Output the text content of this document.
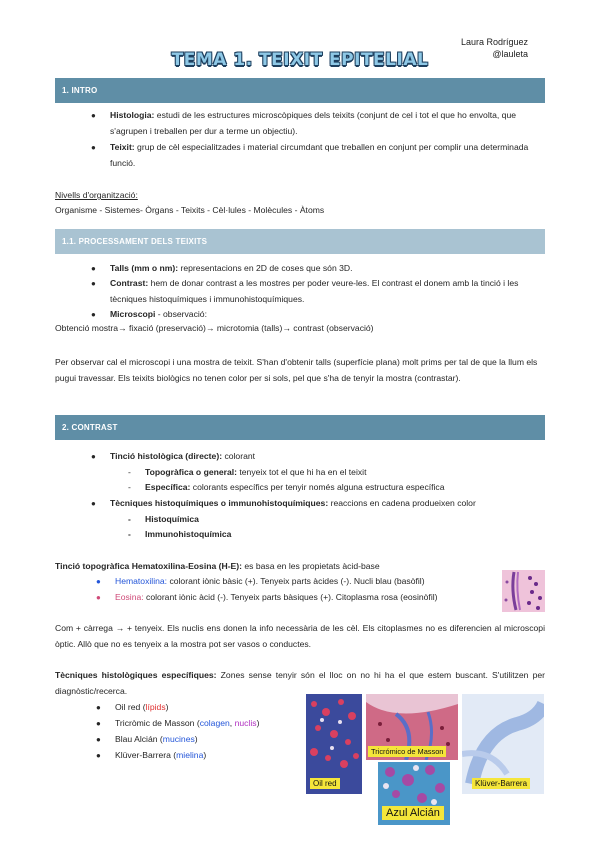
Laura Rodríguez
@lauleta
TEMA 1. TEIXIT EPITELIAL
1. INTRO
● Histologia: estudi de les estructures microscòpiques dels teixits (conjunt de cel i tot el que ho envolta, que s'agrupen i treballen per dur a terme un objectiu).
● Teixit: grup de cèl especialitzades i material circumdant que treballen en conjunt per complir una determinada funció.
Nivells d'organització:
Organisme - Sistemes- Òrgans - Teixits - Cèl·lules - Molècules - Àtoms
1.1. PROCESSAMENT DELS TEIXITS
● Talls (mm o nm): representacions en 2D de coses que són 3D.
● Contrast: hem de donar contrast a les mostres per poder veure-les. El contrast el donem amb la tinció i les tècniques histoquímiques i immunohistoquímiques.
● Microscopi - observació:
Obtenció mostra→ fixació (preservació)→ microtomia (talls)→ contrast (observació)
Per observar cal el microscopi i una mostra de teixit. S'han d'obtenir talls (superfície plana) molt prims per tal de que la llum els pugui travessar. Els teixits biològics no tenen color per si sols, pel que s'ha de tenyir la mostra (contrastar).
2. CONTRAST
● Tinció histològica (directe): colorant
- Topogràfica o general: tenyeix tot el que hi ha en el teixit
- Específica: colorants específics per tenyir només alguna estructura específica
● Tècniques histoquímiques o immunohistoquímiques: reaccions en cadena produeixen color
- Histoquímica
- Immunohistoquímica
Tinció topogràfica Hematoxilina-Eosina (H-E): es basa en les propietats àcid-base
● Hematoxilina: colorant iònic bàsic (+). Tenyeix parts àcides (-). Nucli blau (basòfil)
● Eosina: colorant iònic àcid (-). Tenyeix parts bàsiques (+). Citoplasma rosa (eosinòfil)
Com + càrrega → + tenyeix. Els nuclis ens donen la info necessària de les cèl. Els citoplasmes no es diferencien al microscopi òptic. Allò que no es tenyeix a la mostra pot ser vasos o conductes.
Tècniques histològiques específiques: Zones sense tenyir són el lloc on no hi ha el que estem buscant. S'utilitzen per diagnòstic/recerca.
● Oil red (lípids)
● Tricròmic de Masson (colagen, nuclis)
● Blau Alcián (mucines)
● Klüver-Barrera (mielina)
Oil red
Tricrómico de Masson
Klüver-Barrera
Azul Alcián
